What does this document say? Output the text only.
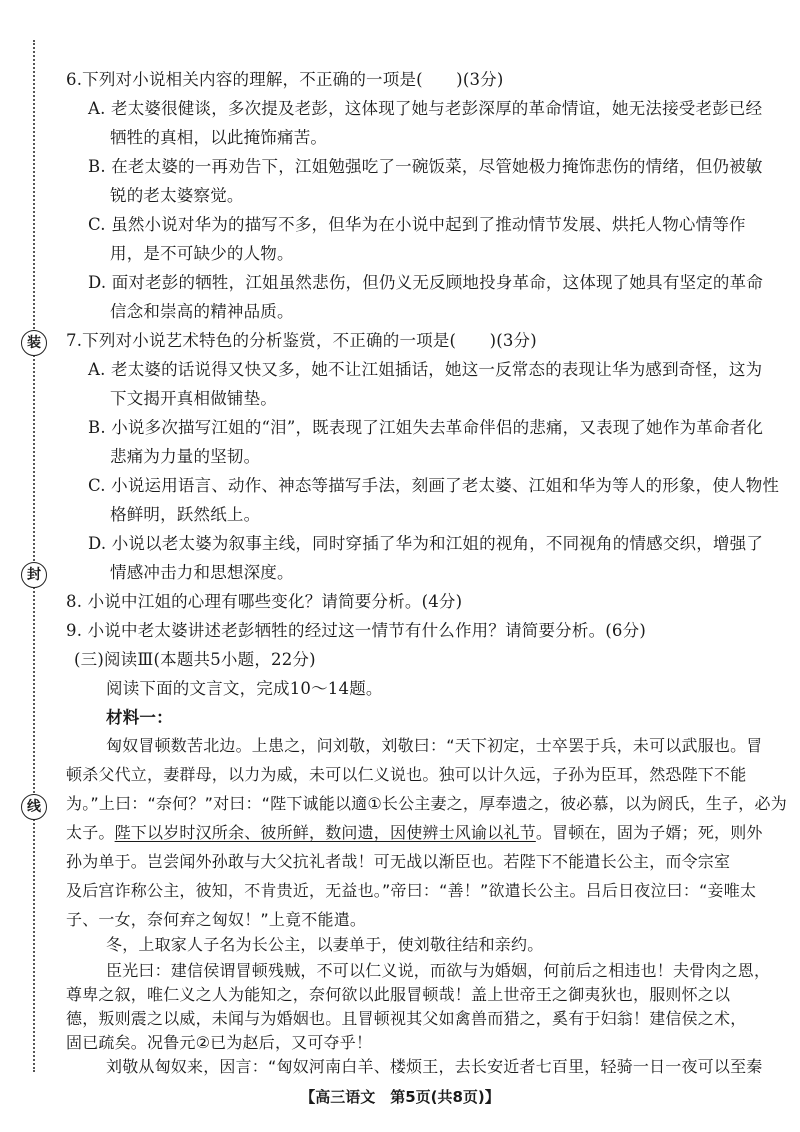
装
封
线
6.下列对小说相关内容的理解，不正确的一项是(　　)(3分)
A. 老太婆很健谈，多次提及老彭，这体现了她与老彭深厚的革命情谊，她无法接受老彭已经
牺牲的真相，以此掩饰痛苦。
B. 在老太婆的一再劝告下，江姐勉强吃了一碗饭菜，尽管她极力掩饰悲伤的情绪，但仍被敏
锐的老太婆察觉。
C. 虽然小说对华为的描写不多，但华为在小说中起到了推动情节发展、烘托人物心情等作
用，是不可缺少的人物。
D. 面对老彭的牺牲，江姐虽然悲伤，但仍义无反顾地投身革命，这体现了她具有坚定的革命
信念和崇高的精神品质。
7.下列对小说艺术特色的分析鉴赏，不正确的一项是(　　)(3分)
A. 老太婆的话说得又快又多，她不让江姐插话，她这一反常态的表现让华为感到奇怪，这为
下文揭开真相做铺垫。
B. 小说多次描写江姐的“泪”，既表现了江姐失去革命伴侣的悲痛，又表现了她作为革命者化
悲痛为力量的坚韧。
C. 小说运用语言、动作、神态等描写手法，刻画了老太婆、江姐和华为等人的形象，使人物性
格鲜明，跃然纸上。
D. 小说以老太婆为叙事主线，同时穿插了华为和江姐的视角，不同视角的情感交织，增强了
情感冲击力和思想深度。
8. 小说中江姐的心理有哪些变化？请简要分析。(4分)
9. 小说中老太婆讲述老彭牺牲的经过这一情节有什么作用？请简要分析。(6分)
(三)阅读Ⅲ(本题共5小题，22分)
阅读下面的文言文，完成10～14题。
材料一：
匈奴冒顿数苦北边。上患之，问刘敬，刘敬曰：“天下初定，士卒罢于兵，未可以武服也。冒
顿杀父代立，妻群母，以力为威，未可以仁义说也。独可以计久远，子孙为臣耳，然恐陛下不能
为。”上曰：“奈何？”对曰：“陛下诚能以適①长公主妻之，厚奉遗之，彼必慕，以为阏氏，生子，必为
太子。陛下以岁时汉所余、彼所鲜，数问遗，因使辨士风谕以礼节。冒顿在，固为子婿；死，则外
孙为单于。岂尝闻外孙敢与大父抗礼者哉！可无战以渐臣也。若陛下不能遣长公主，而令宗室
及后宫诈称公主，彼知，不肯贵近，无益也。”帝曰：“善！”欲遣长公主。吕后日夜泣曰：“妾唯太
子、一女，奈何弃之匈奴！”上竟不能遣。
冬，上取家人子名为长公主，以妻单于，使刘敬往结和亲约。
臣光曰：建信侯谓冒顿残贼，不可以仁义说，而欲与为婚姻，何前后之相违也！夫骨肉之恩，
尊卑之叙，唯仁义之人为能知之，奈何欲以此服冒顿哉！盖上世帝王之御夷狄也，服则怀之以
德，叛则震之以威，未闻与为婚姻也。且冒顿视其父如禽兽而猎之，奚有于妇翁！建信侯之术，
【高三语文　第5页(共8页)】
固已疏矣。况鲁元②已为赵后，又可夺乎！
刘敬从匈奴来，因言：“匈奴河南白羊、楼烦王，去长安近者七百里，轻骑一日一夜可以至秦
